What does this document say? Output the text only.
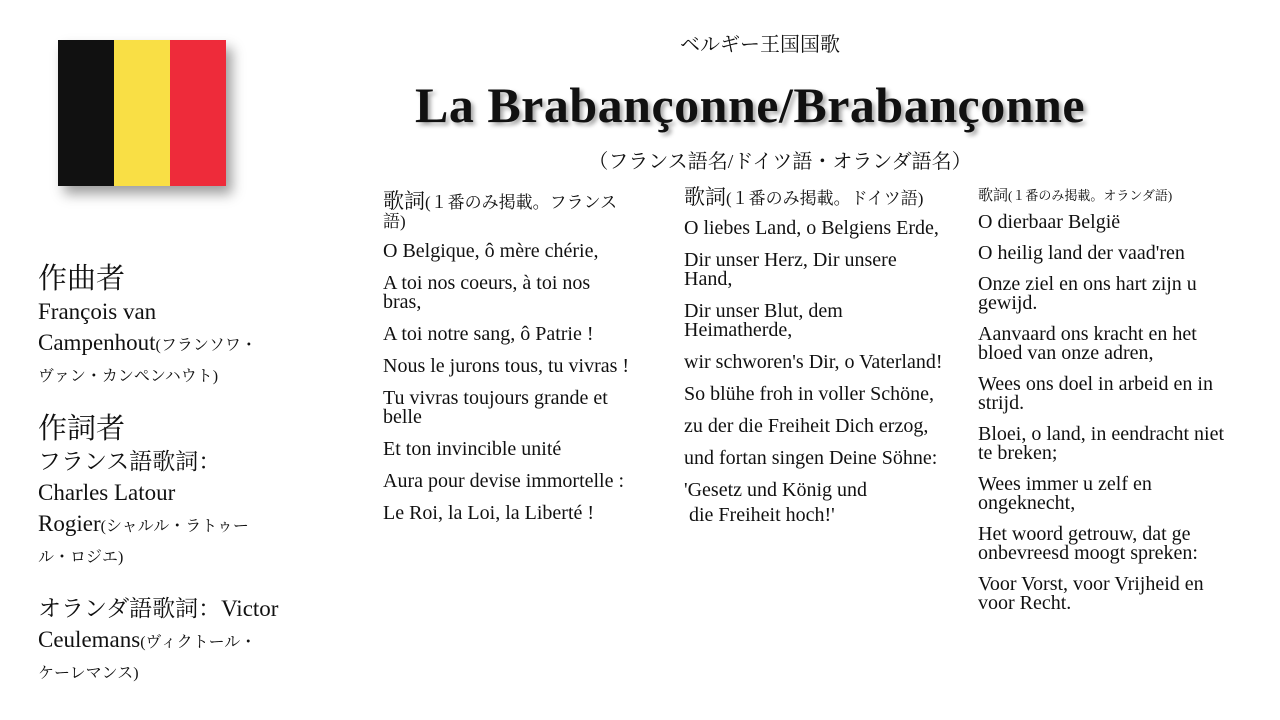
ベルギー王国国歌
La Brabançonne/Brabançonne
（フランス語名/ドイツ語・オランダ語名）
作曲者
François van
Campenhout(フランソワ・
ヴァン・カンペンハウト)
作詞者
フランス語歌詞：
Charles Latour
Rogier(シャルル・ラトゥー
ル・ロジエ)
オランダ語歌詞：Victor
Ceulemans(ヴィクトール・
ケーレマンス)
歌詞(１番のみ掲載。フランス語)
O Belgique, ô mère chérie,
A toi nos coeurs, à toi nos bras,
A toi notre sang, ô Patrie !
Nous le jurons tous, tu vivras !
Tu vivras toujours grande et belle
Et ton invincible unité
Aura pour devise immortelle :
Le Roi, la Loi, la Liberté !
歌詞(１番のみ掲載。ドイツ語)
O liebes Land, o Belgiens Erde,
Dir unser Herz, Dir unsere Hand,
Dir unser Blut, dem Heimatherde,
wir schworen's Dir, o Vaterland!
So blühe froh in voller Schöne,
zu der die Freiheit Dich erzog,
und fortan singen Deine Söhne:
'Gesetz und König und
die Freiheit hoch!'
歌詞(１番のみ掲載。オランダ語)
O dierbaar België
O heilig land der vaad'ren
Onze ziel en ons hart zijn u gewijd.
Aanvaard ons kracht en het bloed van onze adren,
Wees ons doel in arbeid en in strijd.
Bloei, o land, in eendracht niet te breken;
Wees immer u zelf en ongeknecht,
Het woord getrouw, dat ge onbevreesd moogt spreken:
Voor Vorst, voor Vrijheid en voor Recht.
